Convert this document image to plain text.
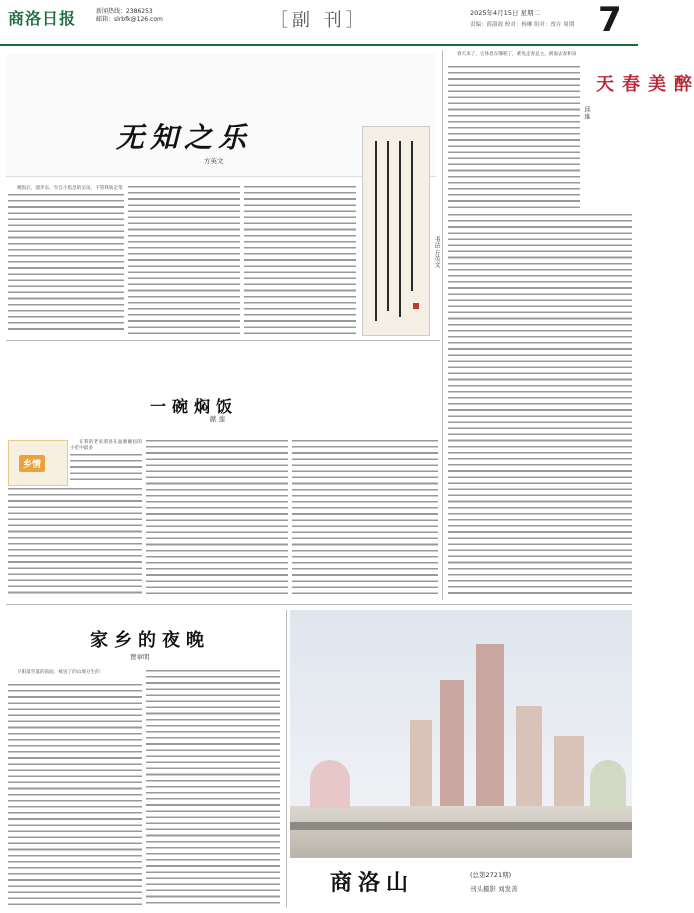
商洛日报	新闻热线：2386253
邮箱：slrbfk@126.com	［副 刊］	2025年4月15日 星期二
责编：薛淑霞 校对：杨琳 组对：贾卉 周期 7
无知之乐
方英文
晚饭后，漫步东，至自小焦急的吴泉，不管我啥走笔
书法 方英文
春天来了，它休息在哪呢了，难免走春总主，被溢去春和泉
醉
美
春
天
邱 维
一碗焖饭
献 莲
乡情
在我的老家渭县在盆塘碗宿的小吃中最多
家乡的夜晚
贾章明
夕阳落至落的前面，被送了的山坡分生的
商洛山	(总第2721期)
刊头摄影 刘发善
